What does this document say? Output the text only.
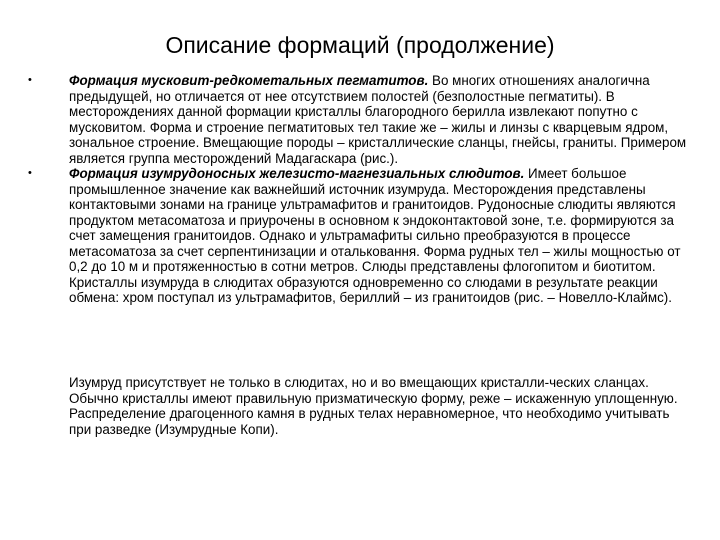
Описание формаций (продолжение)
•	Формация мусковит-редкометальных пегматитов. Во многих отношениях аналогична предыдущей, но отличается от нее отсутствием полостей (безполостные пегматиты). В месторождениях данной формации кристаллы благородного берилла извлекают попутно с мусковитом. Форма и строение пегматитовых тел такие же – жилы и линзы с кварцевым ядром, зональное строение. Вмещающие породы – кристаллические сланцы, гнейсы, граниты. Примером является группа месторождений Мадагаскара (рис.).
•	Формация изумрудоносных железисто-магнезиальных слюдитов. Имеет большое промышленное значение как важнейший источник изумруда. Месторождения представлены контактовыми зонами на границе ультрамафитов и гранитоидов. Рудоносные слюдиты являются продуктом метасоматоза и приурочены в основном к эндоконтактовой зоне, т.е. формируются за счет замещения гранитоидов. Однако и ультрамафиты сильно преобразуются в процессе метасоматоза за счет серпентинизации и отальковання. Форма рудных тел – жилы мощностью от 0,2 до 10 м и протяженностью в сотни метров. Слюды представлены флогопитом и биотитом. Кристаллы изумруда в слюдитах образуются одновременно со слюдами в результате реакции обмена: хром поступал из ультрамафитов, бериллий – из гранитоидов (рис. – Новелло-Клаймс).

Изумруд присутствует не только в слюдитах, но и во вмещающих кристалли-ческих сланцах. Обычно кристаллы имеют правильную призматическую форму, реже – искаженную уплощенную. Распределение драгоценного камня в рудных телах неравномерное, что необходимо учитывать при разведке (Изумрудные Копи).
